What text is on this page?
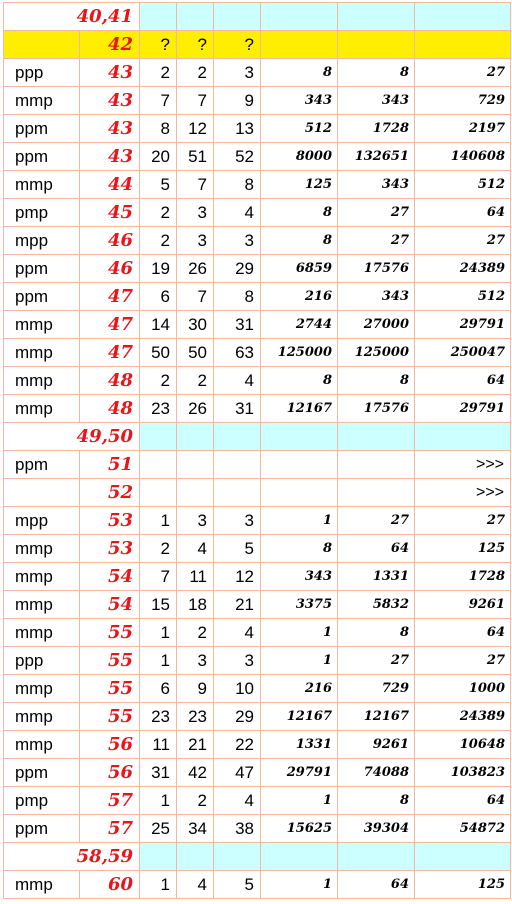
40,41							
	42	?	?	?			
ppp	43	2	2	3	8	8	27
mmp	43	7	7	9	343	343	729
ppm	43	8	12	13	512	1728	2197
ppm	43	20	51	52	8000	132651	140608
mmp	44	5	7	8	125	343	512
pmp	45	2	3	4	8	27	64
mpp	46	2	3	3	8	27	27
ppm	46	19	26	29	6859	17576	24389
ppm	47	6	7	8	216	343	512
mmp	47	14	30	31	2744	27000	29791
mmp	47	50	50	63	125000	125000	250047
mmp	48	2	2	4	8	8	64
mmp	48	23	26	31	12167	17576	29791
49,50							
ppm	51						>>>
	52						>>>
mpp	53	1	3	3	1	27	27
mmp	53	2	4	5	8	64	125
mmp	54	7	11	12	343	1331	1728
mmp	54	15	18	21	3375	5832	9261
mmp	55	1	2	4	1	8	64
ppp	55	1	3	3	1	27	27
mmp	55	6	9	10	216	729	1000
mmp	55	23	23	29	12167	12167	24389
mmp	56	11	21	22	1331	9261	10648
ppm	56	31	42	47	29791	74088	103823
pmp	57	1	2	4	1	8	64
ppm	57	25	34	38	15625	39304	54872
58,59							
mmp	60	1	4	5	1	64	125
